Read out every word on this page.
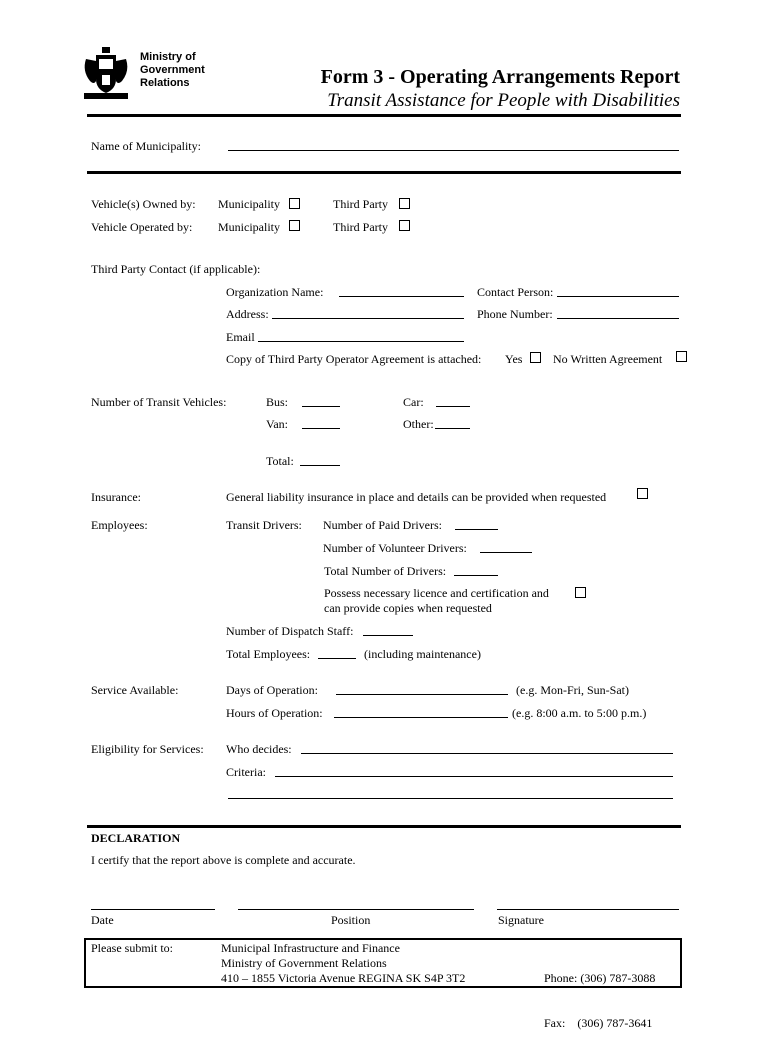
Ministry of
Government
Relations	Form 3 - Operating Arrangements Report
Transit Assistance for People with Disabilities
Name of Municipality:
Vehicle(s) Owned by: Municipality	Third Party
Vehicle Operated by: Municipality	Third Party
Third Party Contact (if applicable):
Organization Name:	Contact Person:
Address:	Phone Number:
Email
Copy of Third Party Operator Agreement is attached: Yes	No Written Agreement
Number of Transit Vehicles:	Bus:	Car:
Van:	Other:
Total:
Insurance:	General liability insurance in place and details can be provided when requested
Employees:	Transit Drivers: Number of Paid Drivers:
Number of Volunteer Drivers:
Total Number of Drivers:
Possess necessary licence and certification and
can provide copies when requested
Number of Dispatch Staff:
Total Employees:	(including maintenance)
Service Available:	Days of Operation:	(e.g. Mon-Fri, Sun-Sat)
Hours of Operation:	(e.g. 8:00 a.m. to 5:00 p.m.)
Eligibility for Services: Who decides:
Criteria:
DECLARATION
I certify that the report above is complete and accurate.
Date	Position	Signature
Please submit to:	Municipal Infrastructure and Finance
Ministry of Government Relations
410 – 1855 Victoria Avenue REGINA SK S4P 3T2

	Phone: (306) 787-3088

Fax:    (306) 787-3641
